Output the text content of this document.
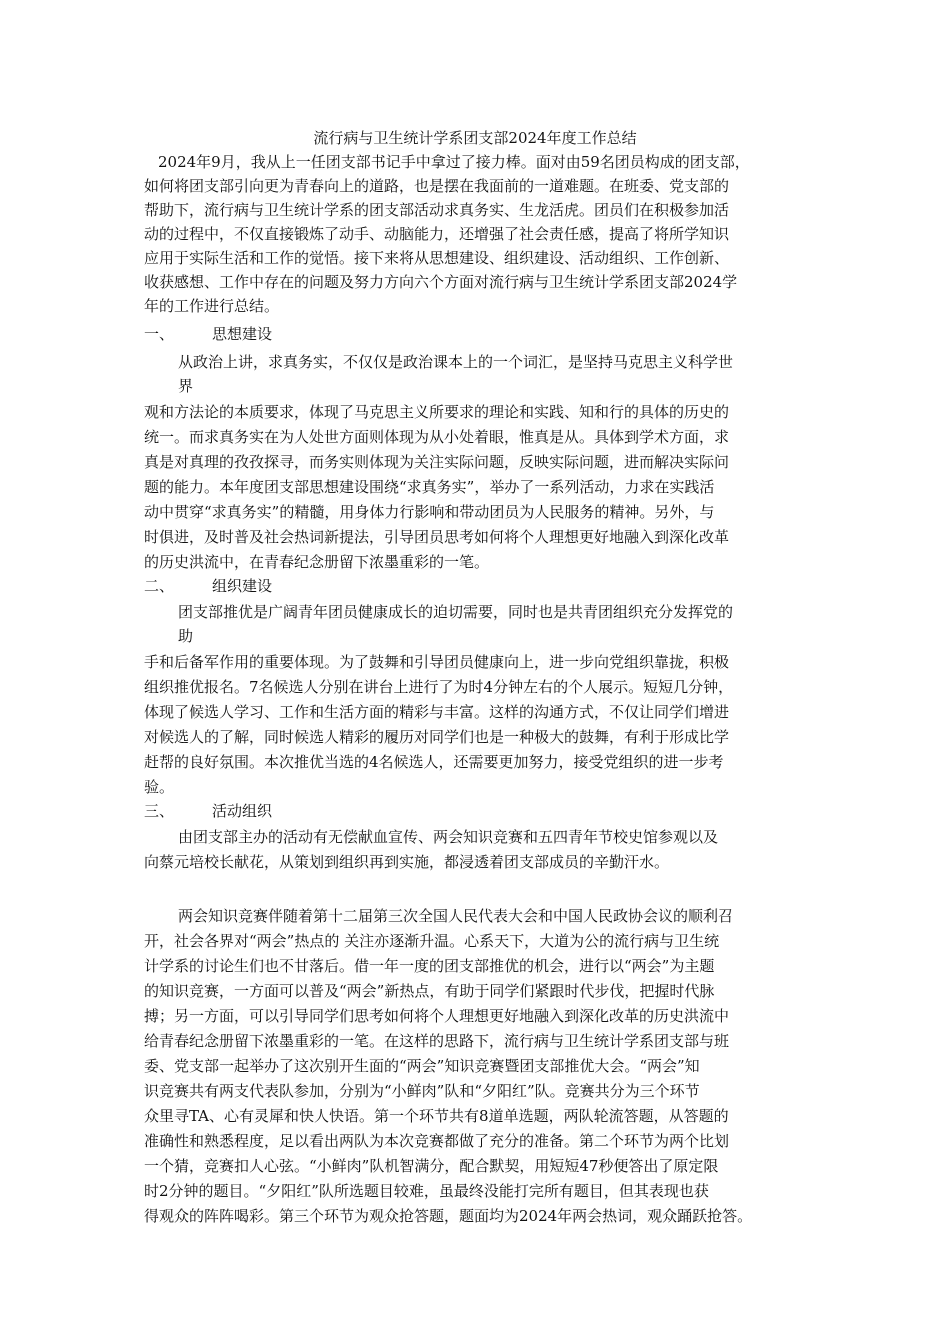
流行病与卫生统计学系团支部2024年度工作总结
2024年9月，我从上一任团支部书记手中拿过了接力棒。面对由59名团员构成的团支部，
如何将团支部引向更为青春向上的道路，也是摆在我面前的一道难题。在班委、党支部的
帮助下，流行病与卫生统计学系的团支部活动求真务实、生龙活虎。团员们在积极参加活
动的过程中，不仅直接锻炼了动手、动脑能力，还增强了社会责任感，提高了将所学知识
应用于实际生活和工作的觉悟。接下来将从思想建设、组织建设、活动组织、工作创新、
收获感想、工作中存在的问题及努力方向六个方面对流行病与卫生统计学系团支部2024学
年的工作进行总结。
一、	思想建设
从政治上讲，求真务实，不仅仅是政治课本上的一个词汇，是坚持马克思主义科学世
界
观和方法论的本质要求，体现了马克思主义所要求的理论和实践、知和行的具体的历史的
统一。而求真务实在为人处世方面则体现为从小处着眼，惟真是从。具体到学术方面，求
真是对真理的孜孜探寻，而务实则体现为关注实际问题，反映实际问题，进而解决实际问
题的能力。本年度团支部思想建设围绕“求真务实”，举办了一系列活动，力求在实践活
动中贯穿“求真务实”的精髓，用身体力行影响和带动团员为人民服务的精神。另外，与
时俱进，及时普及社会热词新提法，引导团员思考如何将个人理想更好地融入到深化改革
的历史洪流中，在青春纪念册留下浓墨重彩的一笔。
二、	组织建设
团支部推优是广阔青年团员健康成长的迫切需要，同时也是共青团组织充分发挥党的
助
手和后备军作用的重要体现。为了鼓舞和引导团员健康向上，进一步向党组织靠拢，积极
组织推优报名。7名候选人分别在讲台上进行了为时4分钟左右的个人展示。短短几分钟，
体现了候选人学习、工作和生活方面的精彩与丰富。这样的沟通方式，不仅让同学们增进
对候选人的了解，同时候选人精彩的履历对同学们也是一种极大的鼓舞，有利于形成比学
赶帮的良好氛围。本次推优当选的4名候选人，还需要更加努力，接受党组织的进一步考
验。
三、	活动组织
由团支部主办的活动有无偿献血宣传、两会知识竞赛和五四青年节校史馆参观以及
向蔡元培校长献花，从策划到组织再到实施，都浸透着团支部成员的辛勤汗水。
两会知识竞赛伴随着第十二届第三次全国人民代表大会和中国人民政协会议的顺利召
开，社会各界对“两会”热点的 关注亦逐渐升温。心系天下，大道为公的流行病与卫生统
计学系的讨论生们也不甘落后。借一年一度的团支部推优的机会，进行以“两会”为主题
的知识竞赛，一方面可以普及“两会”新热点，有助于同学们紧跟时代步伐，把握时代脉
搏；另一方面，可以引导同学们思考如何将个人理想更好地融入到深化改革的历史洪流中
给青春纪念册留下浓墨重彩的一笔。在这样的思路下，流行病与卫生统计学系团支部与班
委、党支部一起举办了这次别开生面的“两会”知识竞赛暨团支部推优大会。“两会”知
识竞赛共有两支代表队参加，分别为“小鲜肉”队和“夕阳红”队。竞赛共分为三个环节
众里寻TA、心有灵犀和快人快语。第一个环节共有8道单选题，两队轮流答题，从答题的
准确性和熟悉程度，足以看出两队为本次竞赛都做了充分的准备。第二个环节为两个比划
一个猜，竞赛扣人心弦。“小鲜肉”队机智满分，配合默契，用短短47秒便答出了原定限
时2分钟的题目。“夕阳红”队所选题目较难，虽最终没能打完所有题目，但其表现也获
得观众的阵阵喝彩。第三个环节为观众抢答题，题面均为2024年两会热词，观众踊跃抢答。
